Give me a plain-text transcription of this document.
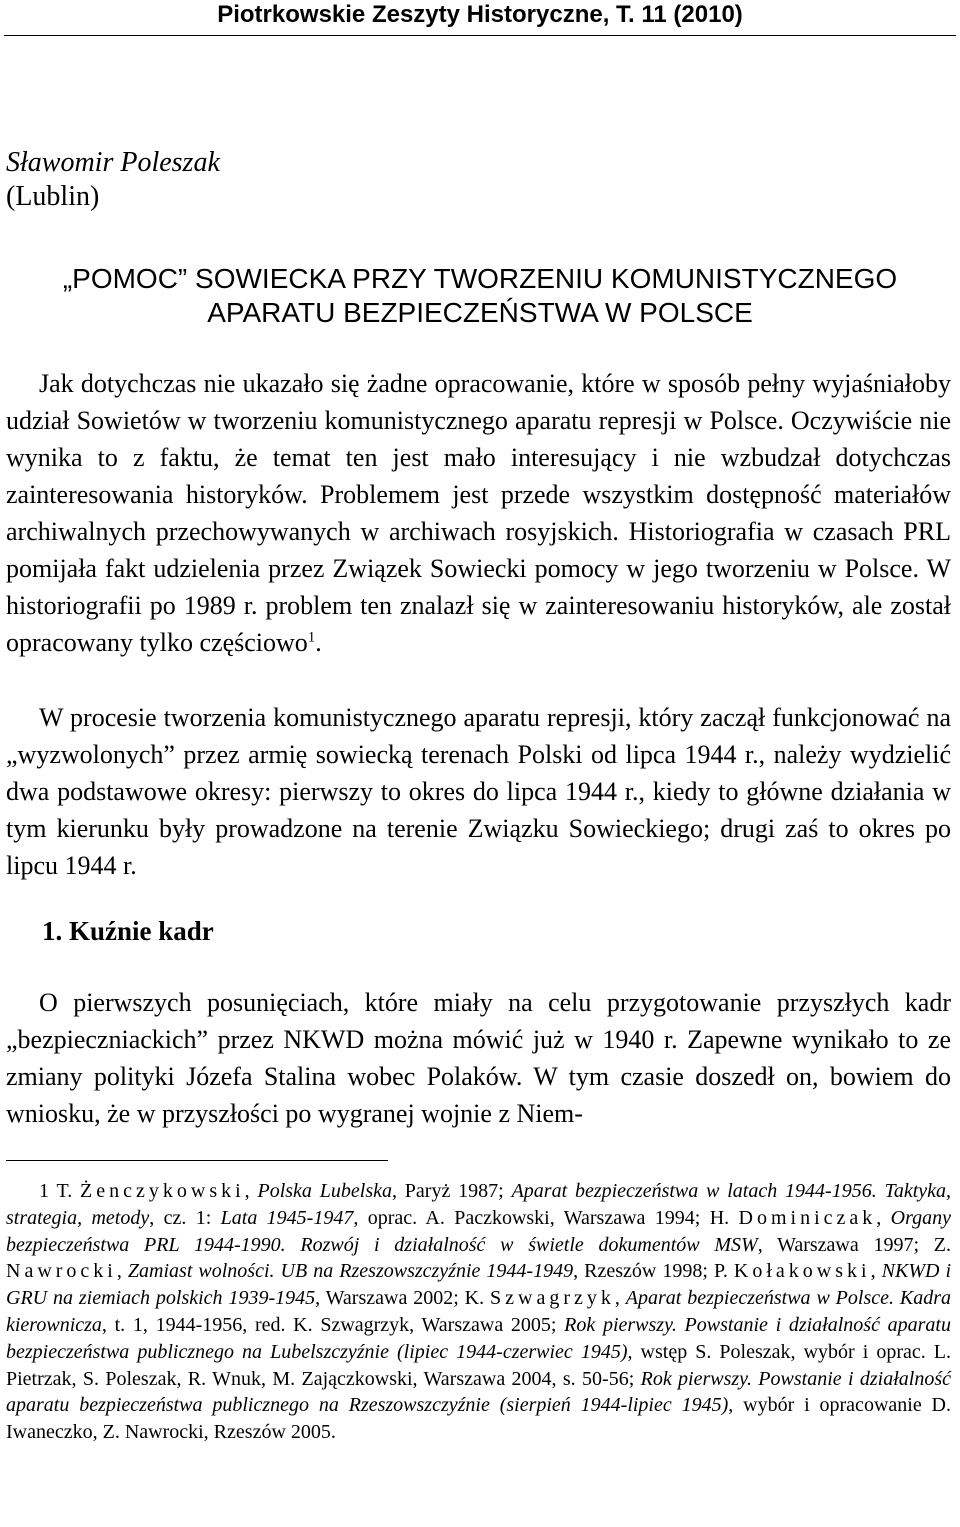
Piotrkowskie Zeszyty Historyczne, T. 11 (2010)
Sławomir Poleszak
(Lublin)
„POMOC” SOWIECKA PRZY TWORZENIU KOMUNISTYCZNEGO
APARATU BEZPIECZEŃSTWA W POLSCE

Jak dotychczas nie ukazało się żadne opracowanie, które w sposób pełny wyjaśniałoby udział Sowietów w tworzeniu komunistycznego aparatu represji w Polsce. Oczywiście nie wynika to z faktu, że temat ten jest mało interesujący i nie wzbudzał dotychczas zainteresowania historyków. Problemem jest przede wszystkim dostępność materiałów archiwalnych przechowywanych w archiwach rosyjskich. Historiografia w czasach PRL pomijała fakt udzielenia przez Związek Sowiecki pomocy w jego tworzeniu w Polsce. W historiografii po 1989 r. problem ten znalazł się w zainteresowaniu historyków, ale został opracowany tylko częściowo$^1$.

W procesie tworzenia komunistycznego aparatu represji, który zaczął funkcjonować na „wyzwolonych” przez armię sowiecką terenach Polski od lipca 1944 r., należy wydzielić dwa podstawowe okresy: pierwszy to okres do lipca 1944 r., kiedy to główne działania w tym kierunku były prowadzone na terenie Związku Sowieckiego; drugi zaś to okres po lipcu 1944 r.

1. Kuźnie kadr

O pierwszych posunięciach, które miały na celu przygotowanie przyszłych kadr „bezpieczniackich” przez NKWD można mówić już w 1940 r. Zapewne wynikało to ze zmiany polityki Józefa Stalina wobec Polaków. W tym czasie doszedł on, bowiem do wniosku, że w przyszłości po wygranej wojnie z Niem-

1 T. Żenczykowski, Polska Lubelska, Paryż 1987; Aparat bezpieczeństwa w latach 1944-1956. Taktyka, strategia, metody, cz. 1: Lata 1945-1947, oprac. A. Paczkowski, Warszawa 1994; H. Dominiczak, Organy bezpieczeństwa PRL 1944-1990. Rozwój i działalność w świetle dokumentów MSW, Warszawa 1997; Z. Nawrocki, Zamiast wolności. UB na Rzeszowszczyźnie 1944-1949, Rzeszów 1998; P. Kołakowski, NKWD i GRU na ziemiach polskich 1939-1945, Warszawa 2002; K. Szwagrzyk, Aparat bezpieczeństwa w Polsce. Kadra kierownicza, t. 1, 1944-1956, red. K. Szwagrzyk, Warszawa 2005; Rok pierwszy. Powstanie i działalność aparatu bezpieczeństwa publicznego na Lubelszczyźnie (lipiec 1944-czerwiec 1945), wstęp S. Poleszak, wybór i oprac. L. Pietrzak, S. Poleszak, R. Wnuk, M. Zajączkowski, Warszawa 2004, s. 50-56; Rok pierwszy. Powstanie i działalność aparatu bezpieczeństwa publicznego na Rzeszowszczyźnie (sierpień 1944-lipiec 1945), wybór i opracowanie D. Iwaneczko, Z. Nawrocki, Rzeszów 2005.
